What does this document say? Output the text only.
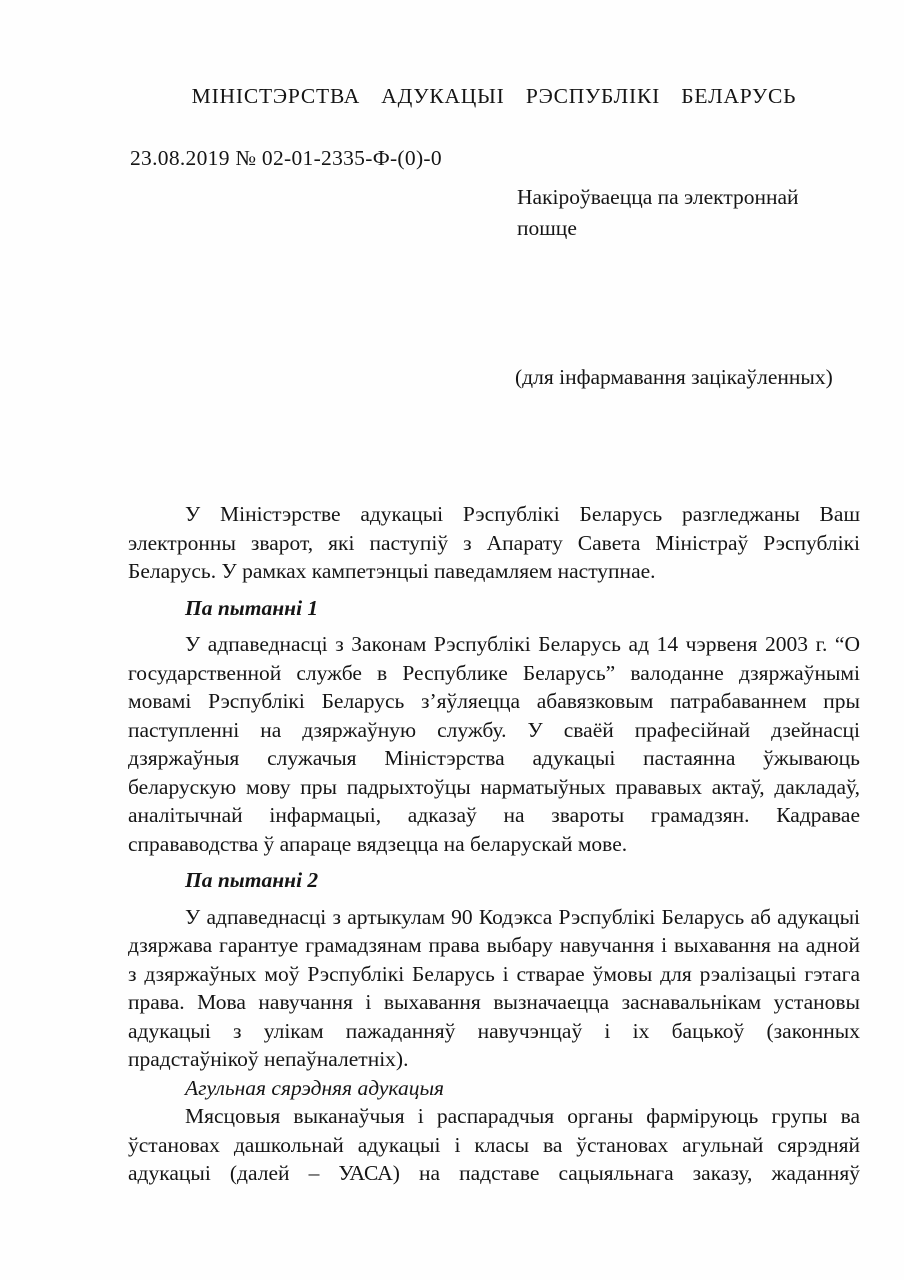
МІНІСТЭРСТВА АДУКАЦЫІ РЭСПУБЛІКІ БЕЛАРУСЬ
23.08.2019 № 02-01-2335-Ф-(0)-0
Накіроўваецца па электроннай пошце
(для інфармавання зацікаўленных)

У Міністэрстве адукацыі Рэспублікі Беларусь разгледжаны Ваш электронны зварот, які паступіў з Апарату Савета Міністраў Рэспублікі Беларусь. У рамках кампетэнцыі паведамляем наступнае.

Па пытанні 1

У адпаведнасці з Законам Рэспублікі Беларусь ад 14 чэрвеня 2003 г. “О государственной службе в Республике Беларусь” валоданне дзяржаўнымі мовамі Рэспублікі Беларусь з’яўляецца абавязковым патрабаваннем пры паступленні на дзяржаўную службу. У сваёй прафесійнай дзейнасці дзяржаўныя служачыя Міністэрства адукацыі пастаянна ўжываюць беларускую мову пры падрыхтоўцы нарматыўных прававых актаў, дакладаў, аналітычнай інфармацыі, адказаў на звароты грамадзян. Кадравае справаводства ў апараце вядзецца на беларускай мове.

Па пытанні 2

У адпаведнасці з артыкулам 90 Кодэкса Рэспублікі Беларусь аб адукацыі дзяржава гарантуе грамадзянам права выбару навучання і выхавання на адной з дзяржаўных моў Рэспублікі Беларусь і стварае ўмовы для рэалізацыі гэтага права. Мова навучання і выхавання вызначаецца заснавальнікам установы адукацыі з улікам пажаданняў навучэнцаў і іх бацькоў (законных прадстаўнікоў непаўналетніх).

Агульная сярэдняя адукацыя

Мясцовыя выканаўчыя і распарадчыя органы фарміруюць групы ва ўстановах дашкольнай адукацыі і класы ва ўстановах агульнай сярэдняй адукацыі (далей – УАСА) на падставе сацыяльнага заказу, жаданняў
